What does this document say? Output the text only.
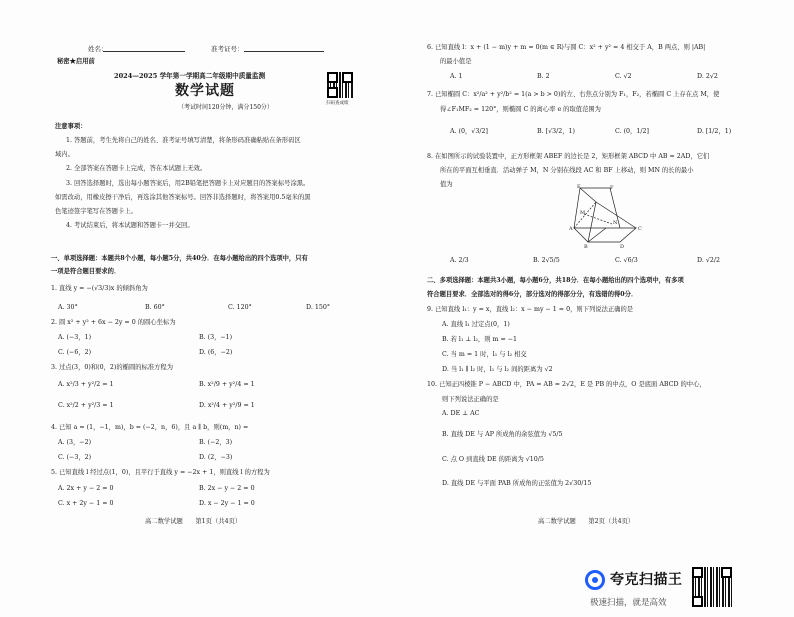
姓名：	准考证号：
秘密★启用前
2024—2025 学年第一学期高二年级期中质量监测
扫码查成绩
数学试题
（考试时间120分钟，满分150分）
注意事项：
1. 答题前，考生先将自己的姓名、准考证号填写清楚，将条形码准确粘贴在条形码区
域内。
2. 全部答案在答题卡上完成，答在本试题上无效。
3. 回答选择题时，选出每小题答案后，用2B铅笔把答题卡上对应题目的答案标号涂黑。
如需改动，用橡皮擦干净后，再选涂其他答案标号。回答非选择题时，将答案用0.5毫米的黑
色笔迹签字笔写在答题卡上。
4. 考试结束后，将本试题和答题卡一并交回。
一、单项选择题：本题共8个小题，每小题5分，共40分．在每小题给出的四个选项中，只有
一项是符合题目要求的．
1. 直线 y = −(√3/3)x 的倾斜角为
A. 30°	B. 60°	C. 120°	D. 150°
2. 圆 x² + y² + 6x − 2y = 0 的圆心坐标为
A. (−3，1)	B. (3，−1)
C. (−6，2)	D. (6，−2)
3. 过点(3，0)和(0，2)的椭圆的标准方程为
A. x²/3 + y²/2 = 1	B. x²/9 + y²/4 = 1
C. x²/2 + y²/3 = 1	D. x²/4 + y²/9 = 1
4. 已知 a = (1，−1，m)，b = (−2，n，6)，且 a ∥ b，则(m，n) =
A. (3，−2)	B. (−2，3)
C. (−3，2)	D. (2，−3)
5. 已知直线 l 经过点(1，0)，且平行于直线 y = −2x + 1，则直线 l 的方程为
A. 2x + y − 2 = 0	B. 2x − y − 2 = 0
C. x + 2y − 1 = 0	D. x − 2y − 1 = 0
高二数学试题　　第1页（共4页）
6. 已知直线 l：x + (1 − m)y + m = 0(m ∈ R)与圆 C：x² + y² = 4 相交于 A，B 两点，则 |AB|
的最小值是
A. 1	B. 2	C. √2	D. 2√2
7. 已知椭圆 C：x²/a² + y²/b² = 1(a > b > 0)的左、右焦点分别为 F₁，F₂，若椭圆 C 上存在点 M，使
得∠F₁MF₂ = 120°，则椭圆 C 的离心率 e 的取值范围为
A. (0，√3/2]	B. [√3/2，1)	C. (0，1/2]	D. [1/2，1)
8. 在如图所示的试验装置中，正方形框架 ABEF 的边长是 2，矩形框架 ABCD 中 AB = 2AD，它们
所在的平面互相垂直．活动弹子 M，N 分别在线段 AC 和 BF 上移动，则 MN 的长的最小
值为	E	F
A	C
B	D
M
N
A. 2/3	B. 2√5/5	C. √6/3	D. √2/2
二、多项选择题：本题共3小题，每小题6分，共18分．在每小题给出的四个选项中，有多项
符合题目要求．全部选对的得6分，部分选对的得部分分，有选错的得0分．
9. 已知直线 l₁：y = x，直线 l₂：x − my − 1 = 0，则下列说法正确的是
A. 直线 l₁ 过定点(0，1)
B. 若 l₁ ⊥ l₂，则 m = −1
C. 当 m = 1 时，l₁ 与 l₂ 相交
D. 当 l₁ ∥ l₂ 时，l₁ 与 l₂ 间的距离为 √2
10. 已知正四棱锥 P − ABCD 中，PA = AB = 2√2，E 是 PB 的中点，O 是底面 ABCD 的中心，
则下列说法正确的是
A. DE ⊥ AC
B. 直线 DE 与 AP 所成角的余弦值为 √5/5
C. 点 O 到直线 DE 的距离为 √10/5
D. 直线 DE 与平面 PAB 所成角的正弦值为 2√30/15
高二数学试题　　第2页（共4页）
夸克扫描王
极速扫描，就是高效
